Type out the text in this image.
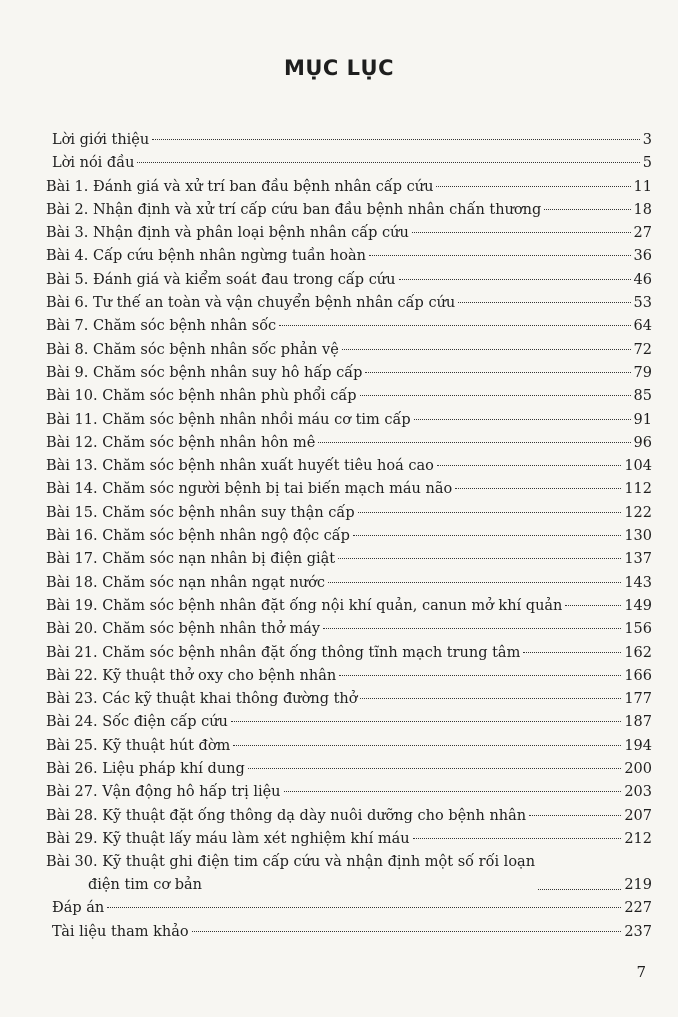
MỤC LỤC
Lời giới thiệu	3
Lời nói đầu	5
Bài 1. Đánh giá và xử trí ban đầu bệnh nhân cấp cứu	11
Bài 2. Nhận định và xử trí cấp cứu ban đầu bệnh nhân chấn thương	18
Bài 3. Nhận định và phân loại bệnh nhân cấp cứu	27
Bài 4. Cấp cứu bệnh nhân ngừng tuần hoàn	36
Bài 5. Đánh giá và kiểm soát đau trong cấp cứu	46
Bài 6. Tư thế an toàn và vận chuyển bệnh nhân cấp cứu	53
Bài 7. Chăm sóc bệnh nhân sốc	64
Bài 8. Chăm sóc bệnh nhân sốc phản vệ	72
Bài 9. Chăm sóc bệnh nhân suy hô hấp cấp	79
Bài 10. Chăm sóc bệnh nhân phù phổi cấp	85
Bài 11. Chăm sóc bệnh nhân nhồi máu cơ tim cấp	91
Bài 12. Chăm sóc bệnh nhân hôn mê	96
Bài 13. Chăm sóc bệnh nhân xuất huyết tiêu hoá cao	104
Bài 14. Chăm sóc người bệnh bị tai biến mạch máu não	112
Bài 15. Chăm sóc bệnh nhân suy thận cấp	122
Bài 16. Chăm sóc bệnh nhân ngộ độc cấp	130
Bài 17. Chăm sóc nạn nhân bị điện giật	137
Bài 18. Chăm sóc nạn nhân ngạt nước	143
Bài 19. Chăm sóc bệnh nhân đặt ống nội khí quản, canun mở khí quản	149
Bài 20. Chăm sóc bệnh nhân thở máy	156
Bài 21. Chăm sóc bệnh nhân đặt ống thông tĩnh mạch trung tâm	162
Bài 22. Kỹ thuật thở oxy cho bệnh nhân	166
Bài 23. Các kỹ thuật khai thông đường thở	177
Bài 24. Sốc điện cấp cứu	187
Bài 25. Kỹ thuật hút đờm	194
Bài 26. Liệu pháp khí dung	200
Bài 27. Vận động hô hấp trị liệu	203
Bài 28. Kỹ thuật đặt ống thông dạ dày nuôi dưỡng cho bệnh nhân	207
Bài 29. Kỹ thuật lấy máu làm xét nghiệm khí máu	212
Bài 30. Kỹ thuật ghi điện tim cấp cứu và nhận định một số rối loạn
điện tim cơ bản	219
Đáp án	227
Tài liệu tham khảo	237
7
